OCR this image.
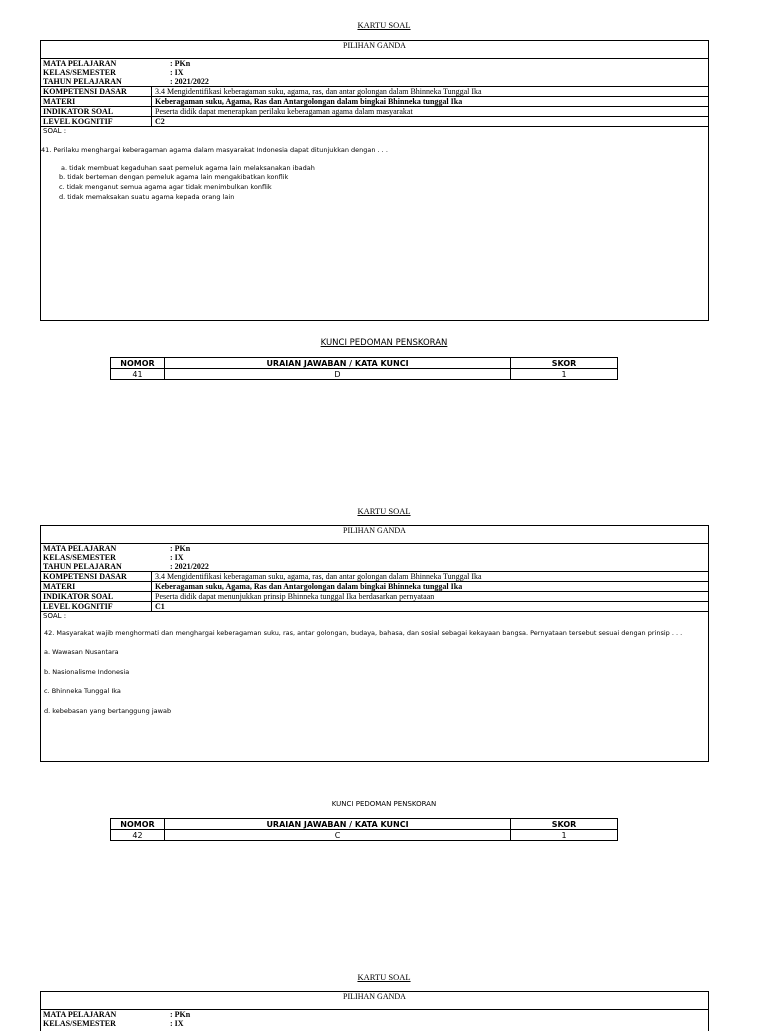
KARTU SOAL
PILIHAN GANDA
MATA PELAJARAN	: PKn
KELAS/SEMESTER	: IX
TAHUN PELAJARAN	: 2021/2022
KOMPETENSI DASAR	3.4 Mengidentifikasi keberagaman suku, agama, ras, dan antar golongan dalam Bhinneka Tunggal Ika
MATERI	Keberagaman suku, Agama, Ras dan Antargolongan dalam bingkai Bhinneka tunggal Ika
INDIKATOR SOAL	Peserta didik dapat menerapkan perilaku keberagaman agama dalam masyarakat
LEVEL KOGNITIF	C2
SOAL :
41. Perilaku menghargai keberagaman agama dalam masyarakat Indonesia dapat ditunjukkan dengan . . .
a. tidak membuat kegaduhan saat pemeluk agama lain melaksanakan ibadah
b. tidak berteman dengan pemeluk agama lain mengakibatkan konflik
c. tidak menganut semua agama agar tidak menimbulkan konflik
d. tidak memaksakan suatu agama kepada orang lain
KUNCI PEDOMAN PENSKORAN
NOMOR	URAIAN JAWABAN / KATA KUNCI	SKOR
41	D	1
KARTU SOAL
PILIHAN GANDA
MATA PELAJARAN	: PKn
KELAS/SEMESTER	: IX
TAHUN PELAJARAN	: 2021/2022
KOMPETENSI DASAR	3.4 Mengidentifikasi keberagaman suku, agama, ras, dan antar golongan dalam Bhinneka Tunggal Ika
MATERI	Keberagaman suku, Agama, Ras dan Antargolongan dalam bingkai Bhinneka tunggal Ika
INDIKATOR SOAL	Peserta didik dapat menunjukkan prinsip Bhinneka tunggal Ika berdasarkan pernyataan
LEVEL KOGNITIF	C1
SOAL :
42. Masyarakat wajib menghormati dan menghargai keberagaman suku, ras, antar golongan, budaya, bahasa, dan sosial sebagai kekayaan bangsa. Pernyataan tersebut sesuai dengan prinsip . . .
a. Wawasan Nusantara
b. Nasionalisme Indonesia
c. Bhinneka Tunggal Ika
d. kebebasan yang bertanggung jawab
KUNCI PEDOMAN PENSKORAN
NOMOR	URAIAN JAWABAN / KATA KUNCI	SKOR
42	C	1
KARTU SOAL
PILIHAN GANDA
MATA PELAJARAN	: PKn
KELAS/SEMESTER	: IX
